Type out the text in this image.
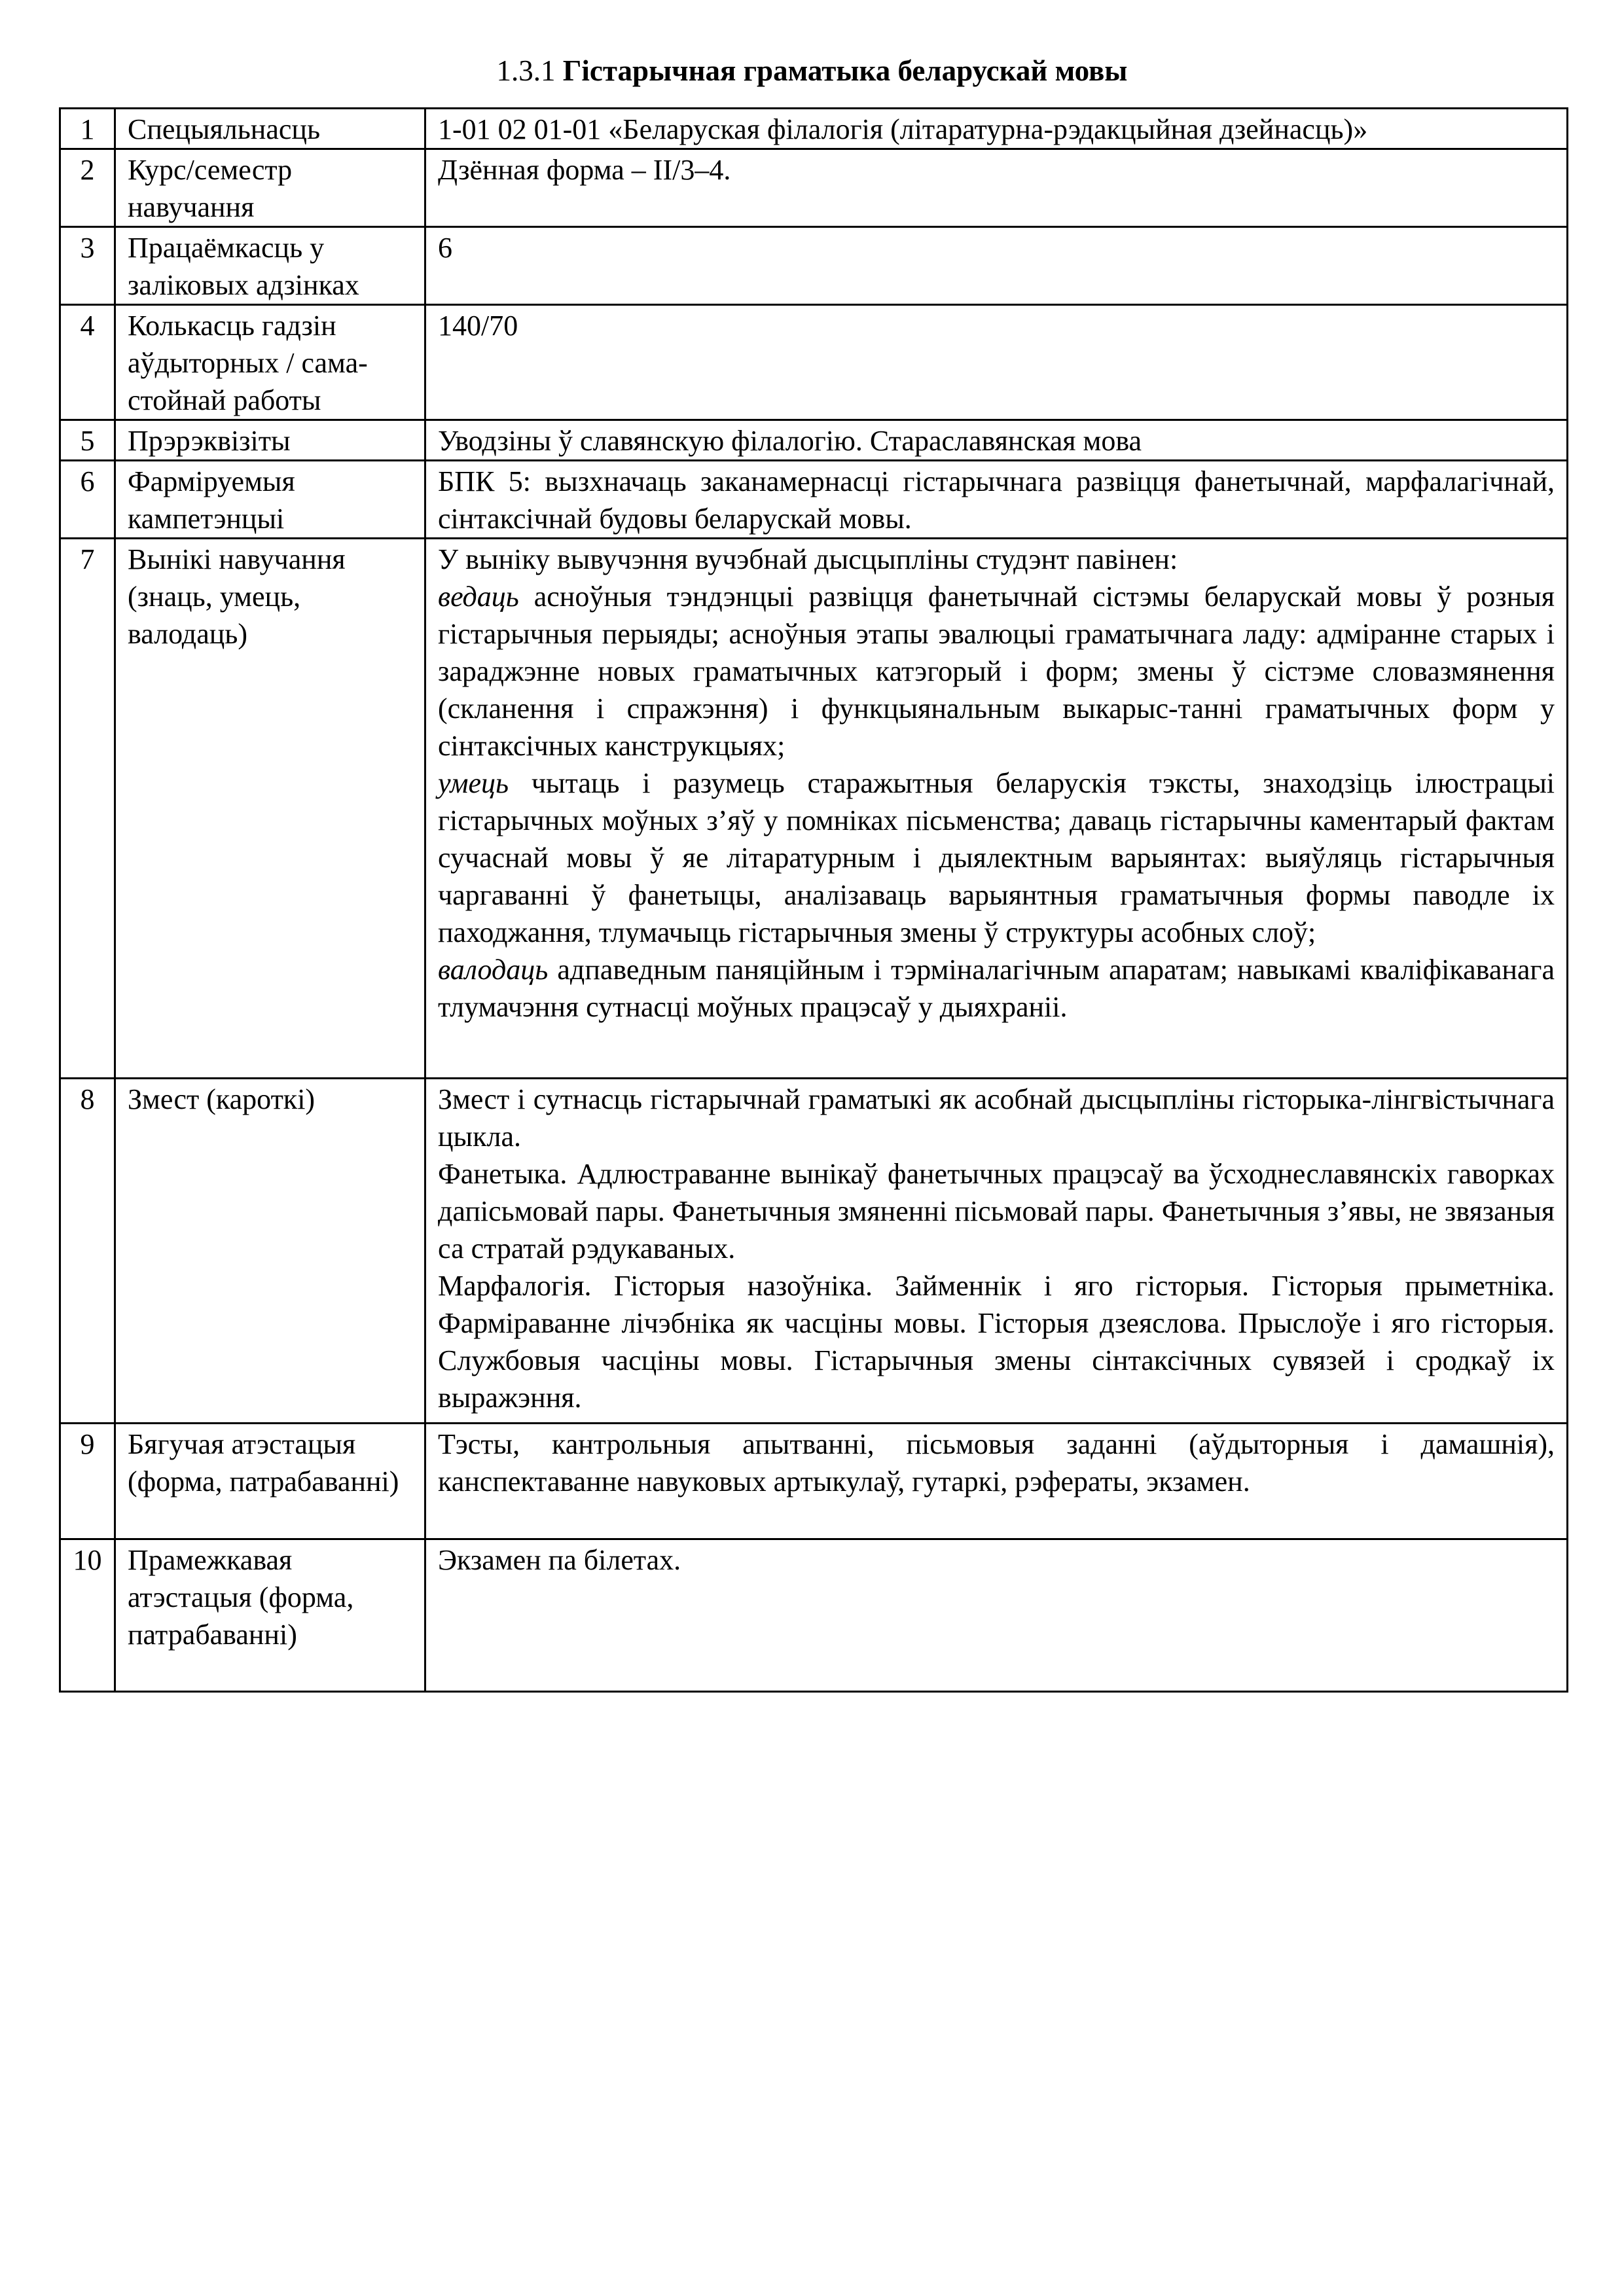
1.3.1 Гістарычная граматыка беларускай мовы
1	Спецыяльнасць	1-01 02 01-01 «Беларуская філалогія (літаратурна-рэдакцыйная дзейнасць)»
2	Курс/семестр навучання	Дзённая форма – II/3–4.
3	Працаёмкасць у заліковых адзінках	6
4	Колькасць гадзін аўдыторных / сама-стойнай работы	140/70
5	Прэрэквізіты	Уводзіны ў славянскую філалогію. Старaславянская мова
6	Фарміруемыя кампетэнцыі	БПК 5: вызхначаць заканамернасці гістарычнага развіцця фанетычнай, марфалагічнай, сінтаксічнай будовы беларускай мовы.
7	Вынікі навучання (знаць, умець, валодаць)	У выніку вывучэння вучэбнай дысцыпліны студэнт павінен:
ведаць асноўныя тэндэнцыі развіцця фанетычнай сістэмы беларускай мовы ў розныя гістарычныя перыяды; асноўныя этапы эвалюцыі граматычнага ладу: адміранне старых і зараджэнне новых граматычных катэгорый і форм; змены ў сістэме словазмянення (скланення і спражэння) і функцыянальным выкарыс-танні граматычных форм у сінтаксічных канструкцыях;
умець чытаць і разумець старажытныя беларускія тэксты, знаходзіць ілюстрацыі гістарычных моўных з’яў у помніках пісьменства; даваць гістарычны каментарый фактам сучаснай мовы ў яе літаратурным і дыялектным варыянтах: выяўляць гістарычныя чаргаванні ў фанетыцы, аналізаваць варыянтныя граматычныя формы паводле іх паходжання, тлумачыць гістарычныя змены ў структуры асобных слоў;
валодаць адпаведным паняційным і тэрміналагічным апаратам; навыкамі кваліфікаванага тлумачэння сутнасці моўных працэсаў у дыяхраніі.

8	Змест (кароткі)	Змест і сутнасць гістарычнай граматыкі як асобнай дысцыпліны гісторыка-лінгвістычнага цыкла.
Фанетыка. Адлюстраванне вынікаў фанетычных працэсаў ва ўсходнеславянскіх гаворках дапісьмовай пары. Фанетычныя змяненні пісьмовай пары. Фанетычныя з’явы, не звязаныя са стратай рэдукаваных.
Марфалогія. Гісторыя назоўніка. Займеннік і яго гісторыя. Гісторыя прыметніка. Фарміраванне лічэбніка як часціны мовы. Гісторыя дзеяслова. Прыслоўе і яго гісторыя. Службовыя часціны мовы. Гістарычныя змены сінтаксічных сувязей і сродкаў іх выражэння.

9	Бягучая атэстацыя (форма, патрабаванні)	Тэсты, кантрольныя апытванні, пісьмовыя заданні (аўдыторныя і дамашнія), канспектаванне навуковых артыкулаў, гутаркі, рэфераты, экзамен.
10	Прамежкавая атэстацыя (форма, патрабаванні)	Экзамен па білетах.
